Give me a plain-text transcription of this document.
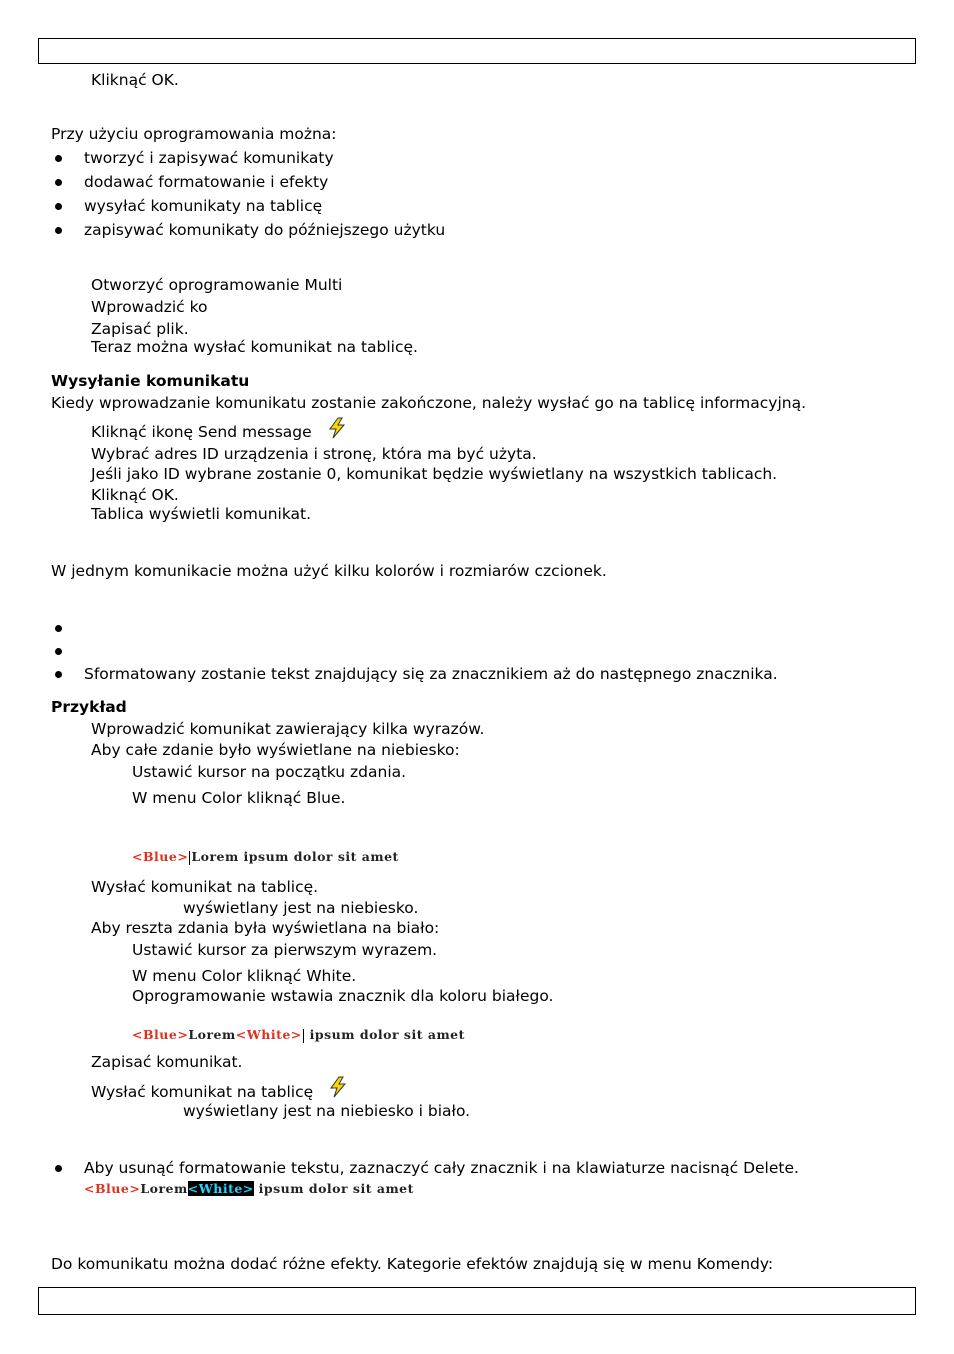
Kliknąć OK.
Przy użyciu oprogramowania można:
tworzyć i zapisywać komunikaty
dodawać formatowanie i efekty
wysyłać komunikaty na tablicę
zapisywać komunikaty do późniejszego użytku
Otworzyć oprogramowanie Multi
Wprowadzić ko
Zapisać plik.
Teraz można wysłać komunikat na tablicę.
Wysyłanie komunikatu
Kiedy wprowadzanie komunikatu zostanie zakończone, należy wysłać go na tablicę informacyjną.
Kliknąć ikonę Send message
Wybrać adres ID urządzenia i stronę, która ma być użyta.
Jeśli jako ID wybrane zostanie 0, komunikat będzie wyświetlany na wszystkich tablicach.
Kliknąć OK.
Tablica wyświetli komunikat.
W jednym komunikacie można użyć kilku kolorów i rozmiarów czcionek.
Sformatowany zostanie tekst znajdujący się za znacznikiem aż do następnego znacznika.
Przykład
Wprowadzić komunikat zawierający kilka wyrazów.
Aby całe zdanie było wyświetlane na niebiesko:
Ustawić kursor na początku zdania.
W menu Color kliknąć Blue.
<Blue> Lorem ipsum dolor sit amet
Wysłać komunikat na tablicę.
wyświetlany jest na niebiesko.
Aby reszta zdania była wyświetlana na biało:
Ustawić kursor za pierwszym wyrazem.
W menu Color kliknąć White.
Oprogramowanie wstawia znacznik dla koloru białego.
<Blue>Lorem<White> ipsum dolor sit amet
Zapisać komunikat.
Wysłać komunikat na tablicę
wyświetlany jest na niebiesko i biało.
Aby usunąć formatowanie tekstu, zaznaczyć cały znacznik i na klawiaturze nacisnąć Delete.
<Blue>Lorem<White> ipsum dolor sit amet
Do komunikatu można dodać różne efekty. Kategorie efektów znajdują się w menu Komendy:
